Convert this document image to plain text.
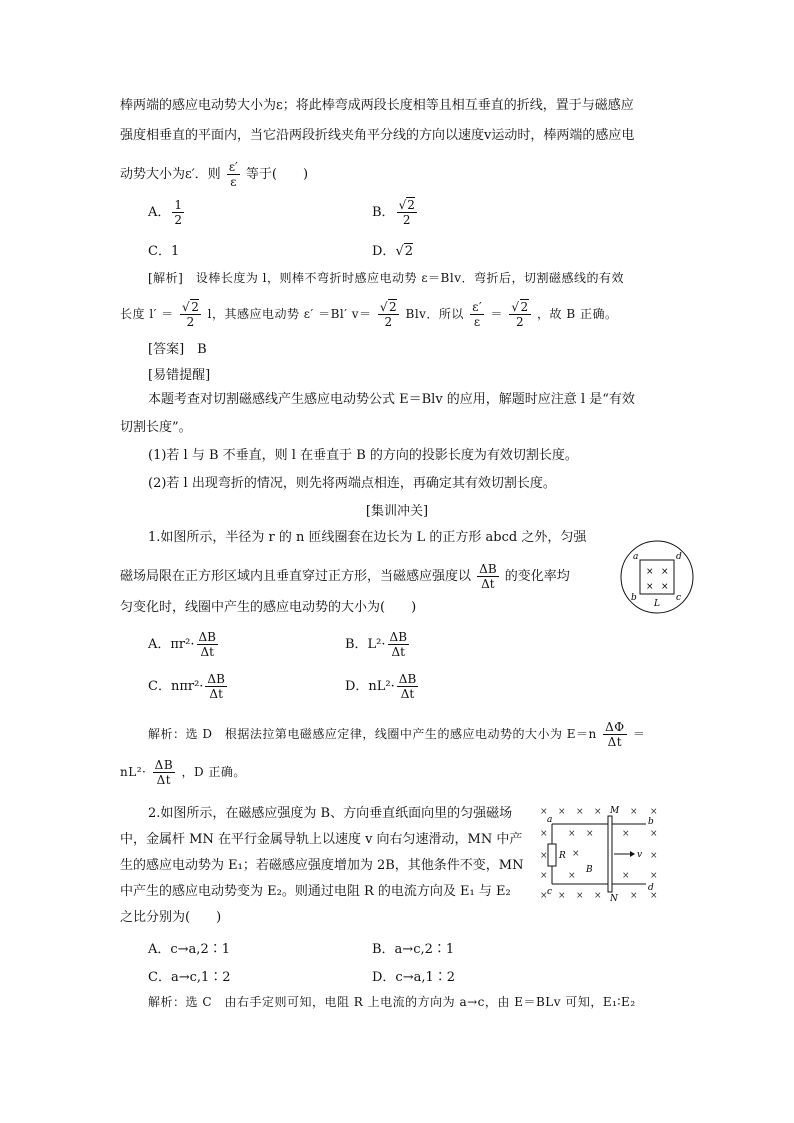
棒两端的感应电动势大小为ε；将此棒弯成两段长度相等且相互垂直的折线，置于与磁感应
强度相垂直的平面内，当它沿两段折线夹角平分线的方向以速度v运动时，棒两端的感应电
动势大小为ε′．则 $\frac{\varepsilon'}{\varepsilon}$ 等于(　　)
A． $\frac{1}{2}$	B． $\frac{√2}{2}$
C．1	D．√2
[解析]　设棒长度为 l，则棒不弯折时感应电动势 ε＝Blv．弯折后，切割磁感线的有效
长度 $l' = \frac{√2}{2}$ l，其感应电动势 ε′ ＝Bl′ $v= \frac{√2}{2}$ Blv．所以 $\frac{\varepsilon'}{\varepsilon} = \frac{√2}{2}$ ，故 B 正确。
[答案]　B
[易错提醒]
本题考查对切割磁感线产生感应电动势公式 E＝Blv 的应用，解题时应注意 l 是“有效
切割长度”。
(1)若 l 与 B 不垂直，则 l 在垂直于 B 的方向的投影长度为有效切割长度。
(2)若 l 出现弯折的情况，则先将两端点相连，再确定其有效切割长度。
[集训冲关]
1.如图所示，半径为 r 的 n 匝线圈套在边长为 L 的正方形 abcd 之外，匀强
磁场局限在正方形区域内且垂直穿过正方形，当磁感应强度以 $\frac{\Delta B}{\Delta t}$ 的变化率均
匀变化时，线圈中产生的感应电动势的大小为(　　)
a	d
b	c
L
× ×
× ×
A．$\pi r^2\cdot \frac{\Delta B}{\Delta t}$	B．$L^2\cdot \frac{\Delta B}{\Delta t}$
C．$n\pi r^2\cdot \frac{\Delta B}{\Delta t}$	D．$nL^2\cdot \frac{\Delta B}{\Delta t}$
解析：选 D　根据法拉第电磁感应定律，线圈中产生的感应电动势的大小为 $E=n \frac{\Delta\Phi}{\Delta t}$ ＝
$nL^2\cdot \frac{\Delta B}{\Delta t}$ ，D 正确。
2.如图所示，在磁感应强度为 B、方向垂直纸面向里的匀强磁场
中，金属杆 MN 在平行金属导轨上以速度 v 向右匀速滑动，MN 中产
生的感应电动势为 E₁；若磁感应强度增加为 2B，其他条件不变，MN
中产生的感应电动势变为 E₂。则通过电阻 R 的电流方向及 E₁ 与 E₂
之比分别为(　　)
× × × ×	× ×
× × ×	× ×
×	×	×
× ×	× ×
× × × ×	× ×
M
N
a	b
c	d
R
B
v
A．c→a,2∶1	B．a→c,2∶1
C．a→c,1∶2	D．c→a,1∶2
解析：选 C　由右手定则可知，电阻 R 上电流的方向为 a→c，由 E＝BLv 可知，E₁∶E₂
